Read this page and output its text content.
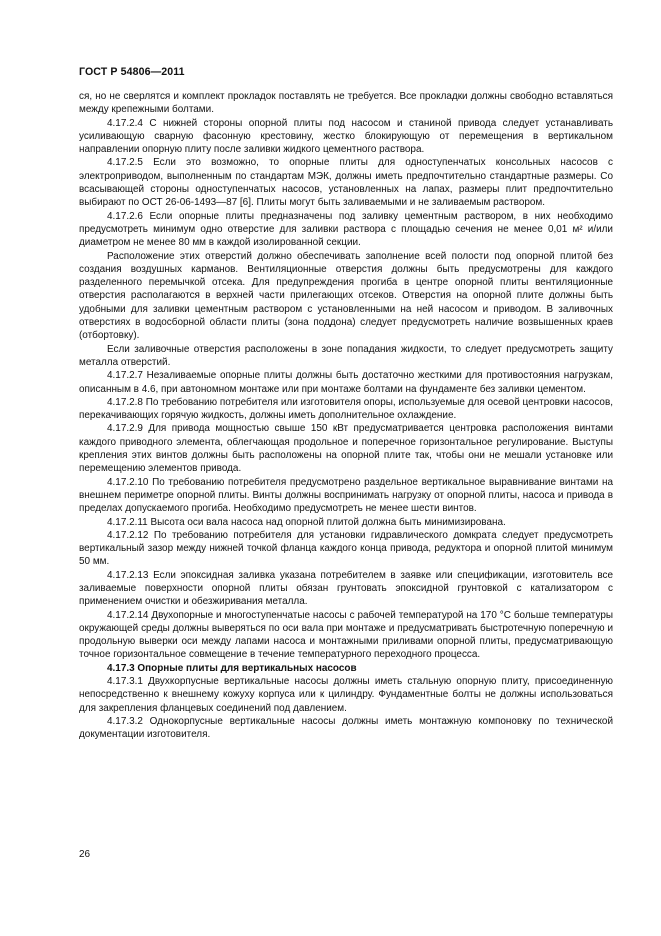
ГОСТ Р 54806—2011

ся, но не сверлятся и комплект прокладок поставлять не требуется. Все прокладки должны свободно вставляться между крепежными болтами.

4.17.2.4 С нижней стороны опорной плиты под насосом и станиной привода следует устанавливать усиливающую сварную фасонную крестовину, жестко блокирующую от перемещения в вертикальном направлении опорную плиту после заливки жидкого цементного раствора.

4.17.2.5 Если это возможно, то опорные плиты для одноступенчатых консольных насосов с электроприводом, выполненным по стандартам МЭК, должны иметь предпочтительно стандартные размеры. Со всасывающей стороны одноступенчатых насосов, установленных на лапах, размеры плит предпочтительно выбирают по ОСТ 26-06-1493—87 [6]. Плиты могут быть заливаемыми и не заливаемым раствором.

4.17.2.6 Если опорные плиты предназначены под заливку цементным раствором, в них необходимо предусмотреть минимум одно отверстие для заливки раствора с площадью сечения не менее 0,01 м² и/или диаметром не менее 80 мм в каждой изолированной секции.

Расположение этих отверстий должно обеспечивать заполнение всей полости под опорной плитой без создания воздушных карманов. Вентиляционные отверстия должны быть предусмотрены для каждого разделенного перемычкой отсека. Для предупреждения прогиба в центре опорной плиты вентиляционные отверстия располагаются в верхней части прилегающих отсеков. Отверстия на опорной плите должны быть удобными для заливки цементным раствором с установленными на ней насосом и приводом. В заливочных отверстиях в водосборной области плиты (зона поддона) следует предусмотреть наличие возвышенных краев (отбортовку).

Если заливочные отверстия расположены в зоне попадания жидкости, то следует предусмотреть защиту металла отверстий.

4.17.2.7 Незаливаемые опорные плиты должны быть достаточно жесткими для противостояния нагрузкам, описанным в 4.6, при автономном монтаже или при монтаже болтами на фундаменте без заливки цементом.

4.17.2.8 По требованию потребителя или изготовителя опоры, используемые для осевой центровки насосов, перекачивающих горячую жидкость, должны иметь дополнительное охлаждение.

4.17.2.9 Для привода мощностью свыше 150 кВт предусматривается центровка расположения винтами каждого приводного элемента, облегчающая продольное и поперечное горизонтальное регулирование. Выступы крепления этих винтов должны быть расположены на опорной плите так, чтобы они не мешали установке или перемещению элементов привода.

4.17.2.10 По требованию потребителя предусмотрено раздельное вертикальное выравнивание винтами на внешнем периметре опорной плиты. Винты должны воспринимать нагрузку от опорной плиты, насоса и привода в пределах допускаемого прогиба. Необходимо предусмотреть не менее шести винтов.

4.17.2.11 Высота оси вала насоса над опорной плитой должна быть минимизирована.

4.17.2.12 По требованию потребителя для установки гидравлического домкрата следует предусмотреть вертикальный зазор между нижней точкой фланца каждого конца привода, редуктора и опорной плитой минимум 50 мм.

4.17.2.13 Если эпоксидная заливка указана потребителем в заявке или спецификации, изготовитель все заливаемые поверхности опорной плиты обязан грунтовать эпоксидной грунтовкой с катализатором с применением очистки и обезжиривания металла.

4.17.2.14 Двухопорные и многоступенчатые насосы с рабочей температурой на 170 °C больше температуры окружающей среды должны выверяться по оси вала при монтаже и предусматривать быстротечную поперечную и продольную выверки оси между лапами насоса и монтажными приливами опорной плиты, предусматривающую точное горизонтальное совмещение в течение температурного переходного процесса.

4.17.3 Опорные плиты для вертикальных насосов

4.17.3.1 Двухкорпусные вертикальные насосы должны иметь стальную опорную плиту, присоединенную непосредственно к внешнему кожуху корпуса или к цилиндру. Фундаментные болты не должны использоваться для закрепления фланцевых соединений под давлением.

4.17.3.2 Однокорпусные вертикальные насосы должны иметь монтажную компоновку по технической документации изготовителя.

26
